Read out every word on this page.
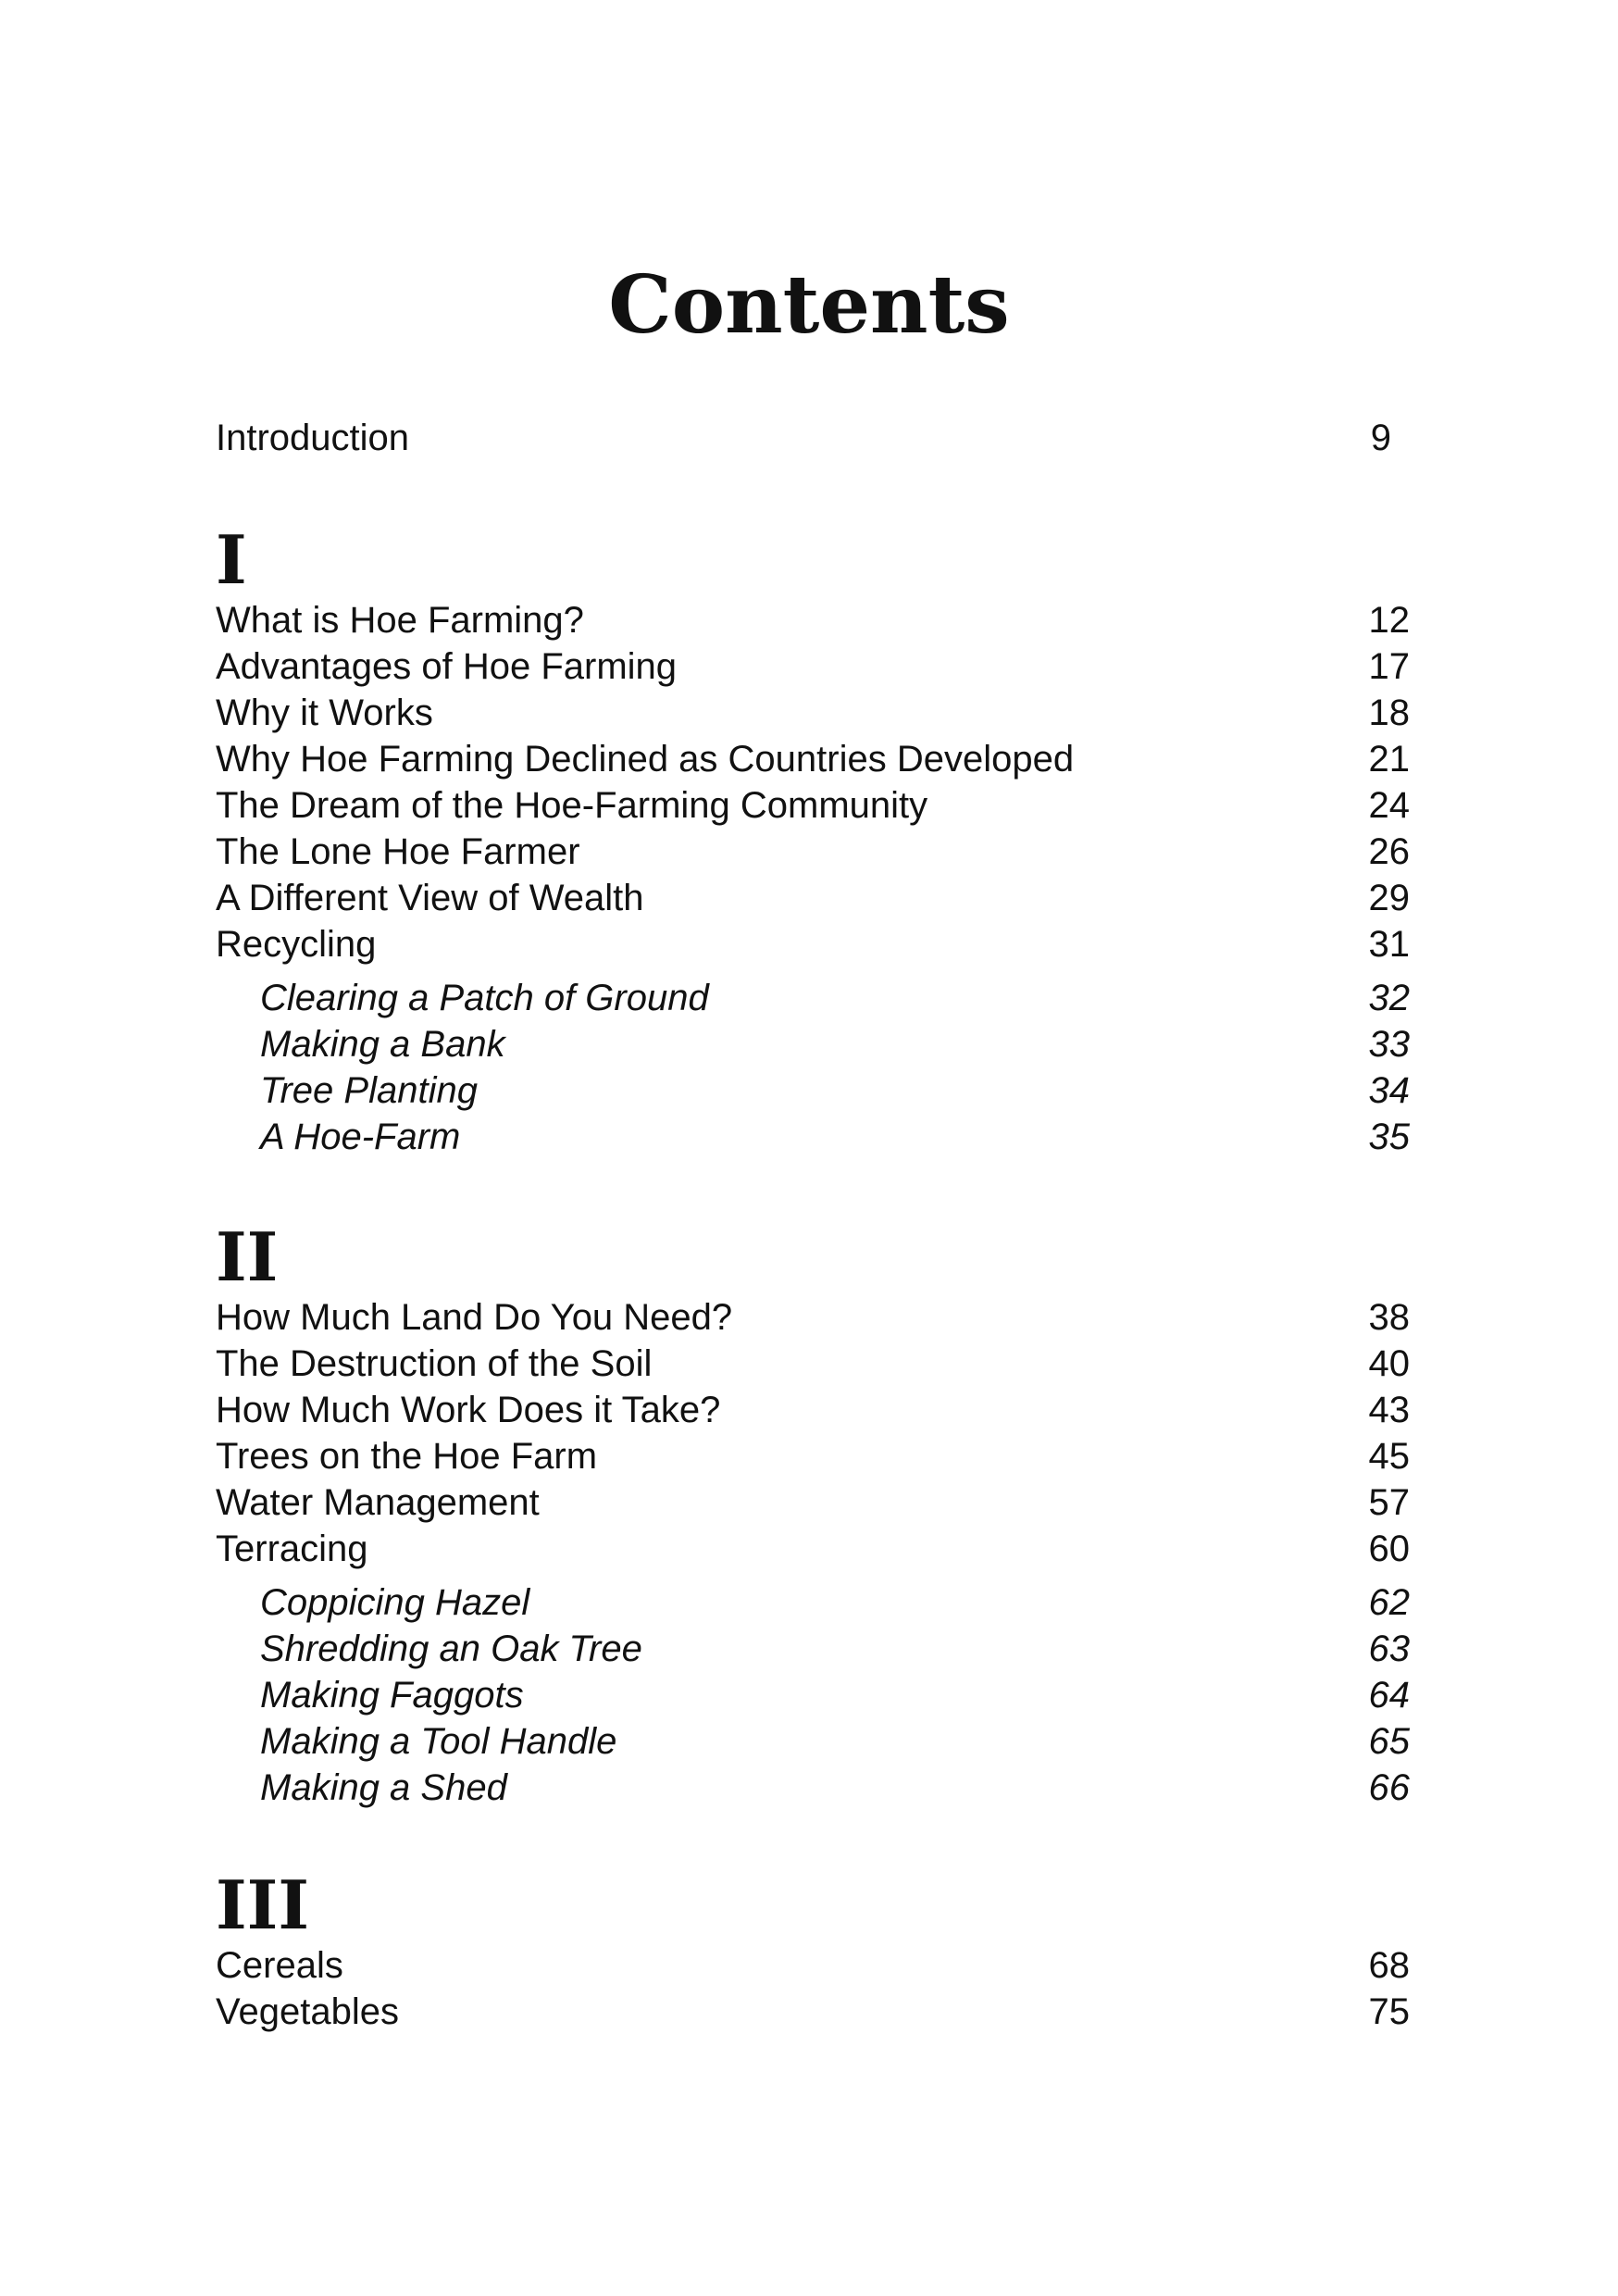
Contents
Introduction	9
I
What is Hoe Farming?	12
Advantages of Hoe Farming	17
Why it Works	18
Why Hoe Farming Declined as Countries Developed	21
The Dream of the Hoe-Farming Community	24
The Lone Hoe Farmer	26
A Different View of Wealth	29
Recycling	31
Clearing a Patch of Ground	32
Making a Bank	33
Tree Planting	34
A Hoe-Farm	35
II
How Much Land Do You Need?	38
The Destruction of the Soil	40
How Much Work Does it Take?	43
Trees on the Hoe Farm	45
Water Management	57
Terracing	60
Coppicing Hazel	62
Shredding an Oak Tree	63
Making Faggots	64
Making a Tool Handle	65
Making a Shed	66
III
Cereals	68
Vegetables	75
